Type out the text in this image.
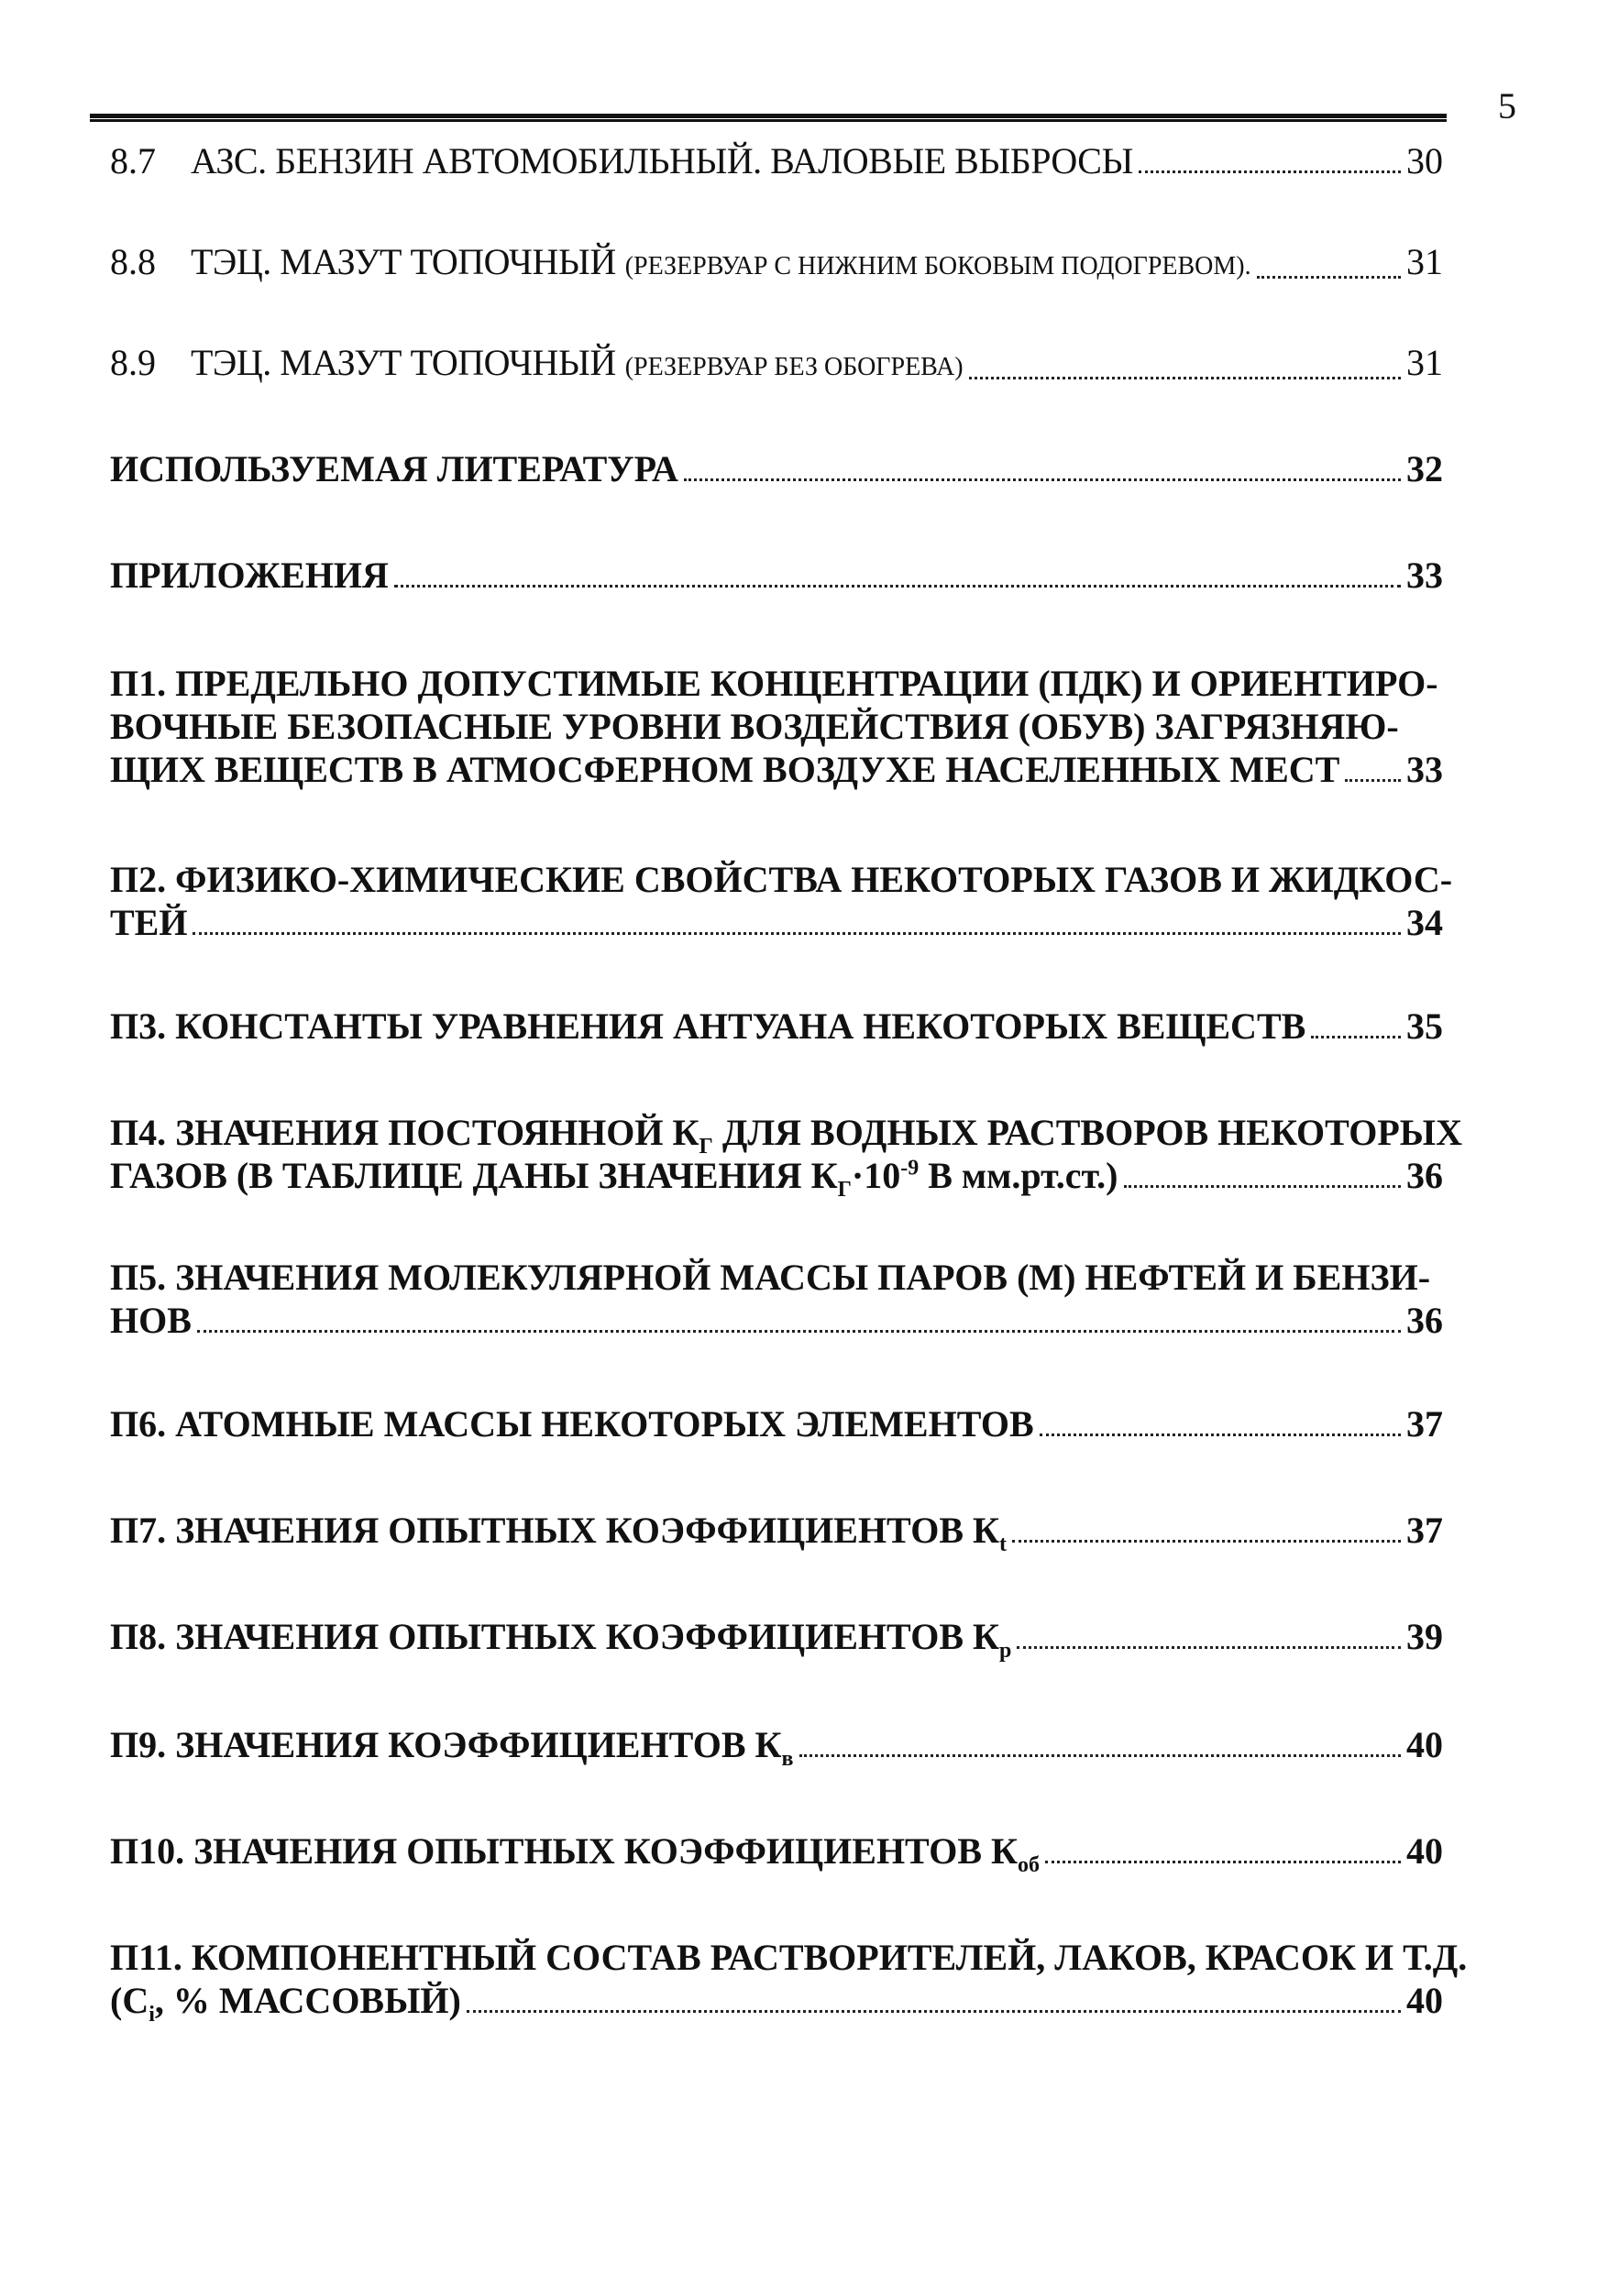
5
8.7 АЗС. БЕНЗИН АВТОМОБИЛЬНЫЙ. ВАЛОВЫЕ ВЫБРОСЫ	30
8.8 ТЭЦ. МАЗУТ ТОПОЧНЫЙ
(РЕЗЕРВУАР С НИЖНИМ БОКОВЫМ ПОДОГРЕВОМ).	31
8.9 ТЭЦ. МАЗУТ ТОПОЧНЫЙ
(РЕЗЕРВУАР БЕЗ ОБОГРЕВА)	31
ИСПОЛЬЗУЕМАЯ ЛИТЕРАТУРА	32
ПРИЛОЖЕНИЯ	33
П1. ПРЕДЕЛЬНО ДОПУСТИМЫЕ КОНЦЕНТРАЦИИ (ПДК) И ОРИЕНТИРО-
ВОЧНЫЕ БЕЗОПАСНЫЕ УРОВНИ ВОЗДЕЙСТВИЯ (ОБУВ) ЗАГРЯЗНЯЮ-
ЩИХ ВЕЩЕСТВ В АТМОСФЕРНОМ ВОЗДУХЕ НАСЕЛЕННЫХ МЕСТ 33
П2. ФИЗИКО-ХИМИЧЕСКИЕ СВОЙСТВА НЕКОТОРЫХ ГАЗОВ И ЖИДКОС-
ТЕЙ	34
П3. КОНСТАНТЫ УРАВНЕНИЯ АНТУАНА НЕКОТОРЫХ ВЕЩЕСТВ	35
П4. ЗНАЧЕНИЯ ПОСТОЯННОЙ $К_Г$ ДЛЯ ВОДНЫХ РАСТВОРОВ НЕКОТОРЫХ
ГАЗОВ (В ТАБЛИЦЕ ДАНЫ ЗНАЧЕНИЯ $К_Г\cdot 10^{-9}$ В мм.рт.ст.)	36
П5. ЗНАЧЕНИЯ МОЛЕКУЛЯРНОЙ МАССЫ ПАРОВ (М) НЕФТЕЙ И БЕНЗИ-
НОВ	36
П6. АТОМНЫЕ МАССЫ НЕКОТОРЫХ ЭЛЕМЕНТОВ	37
П7. ЗНАЧЕНИЯ ОПЫТНЫХ КОЭФФИЦИЕНТОВ $К_t$	37
П8. ЗНАЧЕНИЯ ОПЫТНЫХ КОЭФФИЦИЕНТОВ $К_р$	39
П9. ЗНАЧЕНИЯ КОЭФФИЦИЕНТОВ $К_в$	40
П10. ЗНАЧЕНИЯ ОПЫТНЫХ КОЭФФИЦИЕНТОВ $К_{об}$	40
П11. КОМПОНЕНТНЫЙ СОСТАВ РАСТВОРИТЕЛЕЙ, ЛАКОВ, КРАСОК И Т.Д.
($С_i$, % МАССОВЫЙ)	40
